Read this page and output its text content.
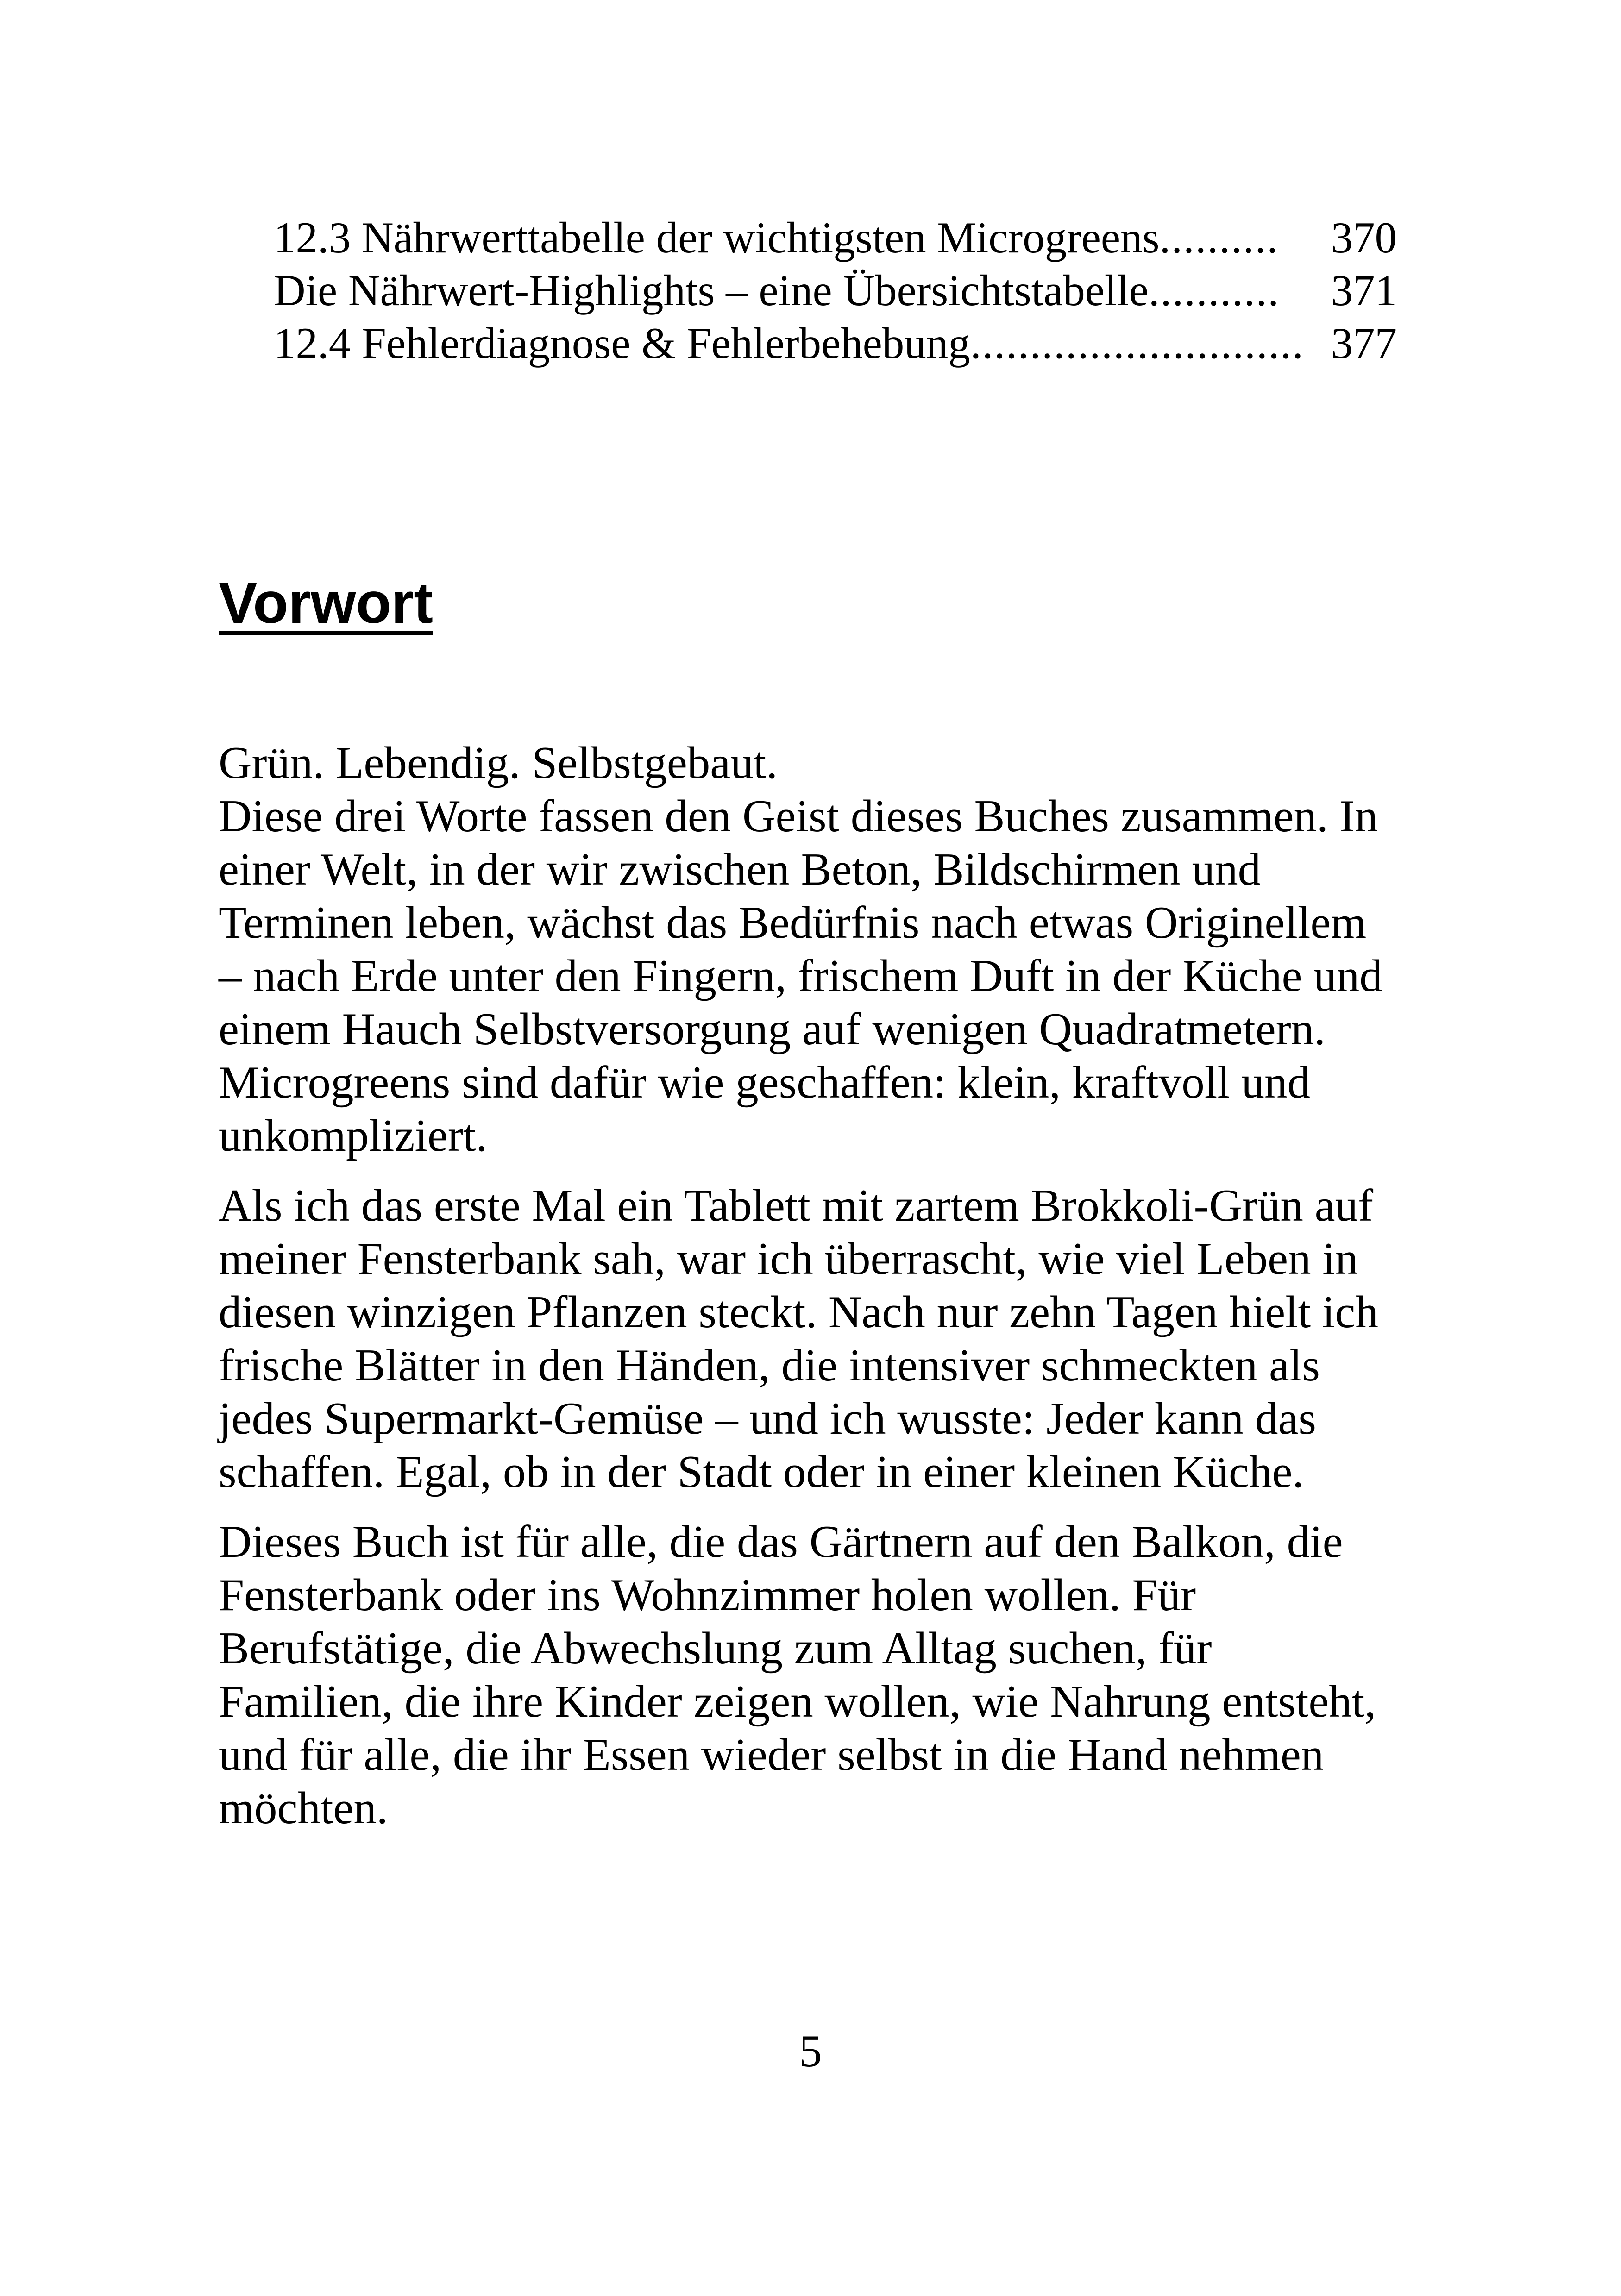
12.3 Nährwerttabelle der wichtigsten Microgreens ..........	370
Die Nährwert-Highlights – eine Übersichtstabelle ...........	371
12.4 Fehlerdiagnose & Fehlerbehebung ............................ 377
Vorwort

Grün. Lebendig. Selbstgebaut.
Diese drei Worte fassen den Geist dieses Buches zusammen. In
einer Welt, in der wir zwischen Beton, Bildschirmen und
Terminen leben, wächst das Bedürfnis nach etwas Originellem
– nach Erde unter den Fingern, frischem Duft in der Küche und
einem Hauch Selbstversorgung auf wenigen Quadratmetern.
Microgreens sind dafür wie geschaffen: klein, kraftvoll und
unkompliziert.

Als ich das erste Mal ein Tablett mit zartem Brokkoli-Grün auf
meiner Fensterbank sah, war ich überrascht, wie viel Leben in
diesen winzigen Pflanzen steckt. Nach nur zehn Tagen hielt ich
frische Blätter in den Händen, die intensiver schmeckten als
jedes Supermarkt-Gemüse – und ich wusste: Jeder kann das
schaffen. Egal, ob in der Stadt oder in einer kleinen Küche.

Dieses Buch ist für alle, die das Gärtnern auf den Balkon, die
Fensterbank oder ins Wohnzimmer holen wollen. Für
Berufstätige, die Abwechslung zum Alltag suchen, für
Familien, die ihre Kinder zeigen wollen, wie Nahrung entsteht,
und für alle, die ihr Essen wieder selbst in die Hand nehmen
möchten.

5
